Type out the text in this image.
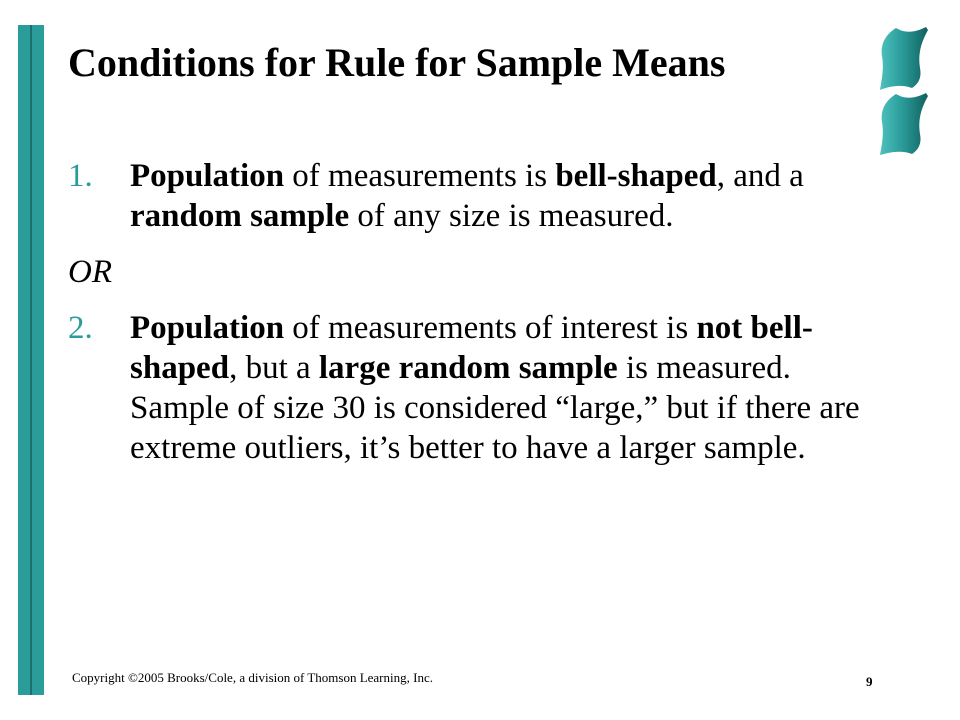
Conditions for Rule for Sample Means
1.	Population of measurements is bell-shaped, and a random sample of any size is measured.
OR
2.	Population of measurements of interest is not bell-shaped, but a large random sample is measured. Sample of size 30 is considered “large,” but if there are extreme outliers, it’s better to have a larger sample.
Copyright ©2005 Brooks/Cole, a division of Thomson Learning, Inc.	9
